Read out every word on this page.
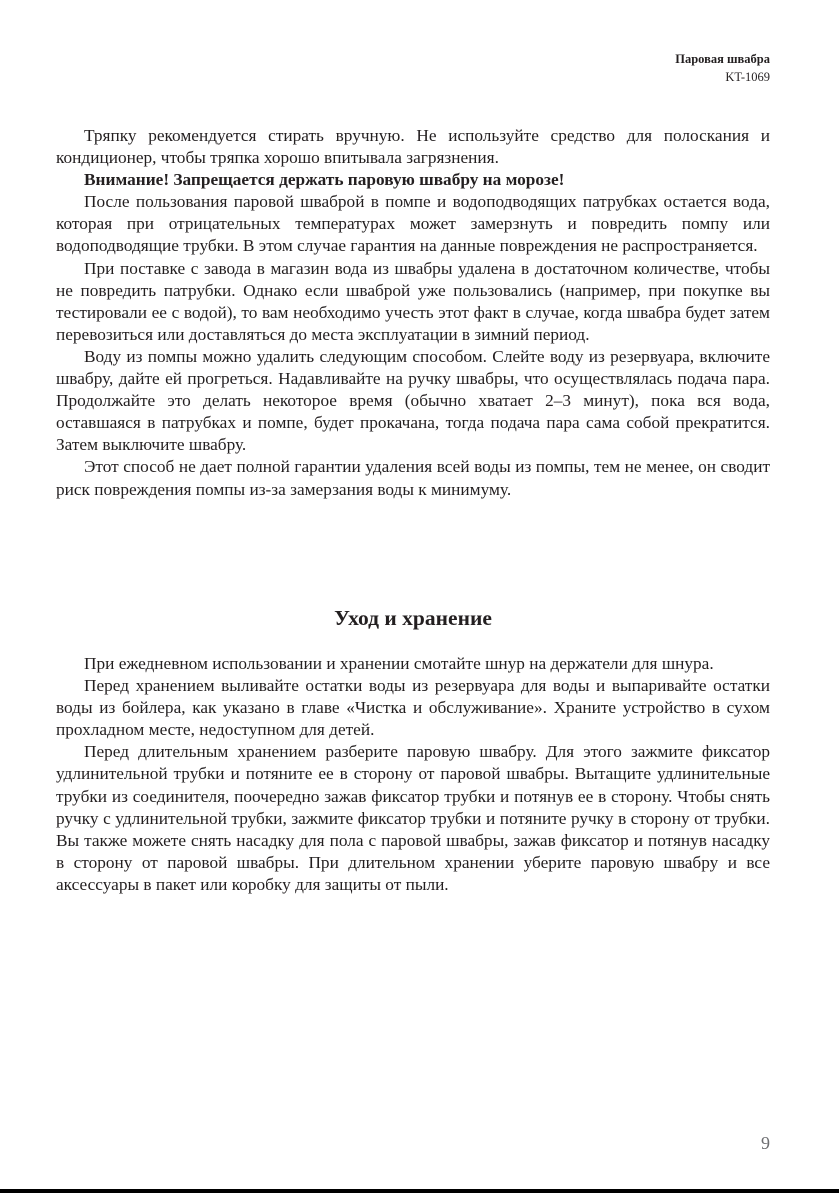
Паровая швабра
KT-1069

Тряпку рекомендуется стирать вручную. Не используйте средство для полоскания и кондиционер, чтобы тряпка хорошо впитывала загрязнения.

Внимание! Запрещается держать паровую швабру на морозе!

После пользования паровой шваброй в помпе и водоподводящих патрубках остается вода, которая при отрицательных температурах может замерзнуть и повредить помпу или водоподводящие трубки. В этом случае гарантия на данные повреждения не распространяется.

При поставке с завода в магазин вода из швабры удалена в достаточном количестве, чтобы не повредить патрубки. Однако если шваброй уже пользовались (например, при покупке вы тестировали ее с водой), то вам необходимо учесть этот факт в случае, когда швабра будет затем перевозиться или доставляться до места эксплуатации в зимний период.

Воду из помпы можно удалить следующим способом. Слейте воду из резервуара, включите швабру, дайте ей прогреться. Надавливайте на ручку швабры, что осуществлялась подача пара. Продолжайте это делать некоторое время (обычно хватает 2–3 минут), пока вся вода, оставшаяся в патрубках и помпе, будет прокачана, тогда подача пара сама собой прекратится. Затем выключите швабру.

Этот способ не дает полной гарантии удаления всей воды из помпы, тем не менее, он сводит риск повреждения помпы из-за замерзания воды к минимуму.

Уход и хранение

При ежедневном использовании и хранении смотайте шнур на держатели для шнура.

Перед хранением выливайте остатки воды из резервуара для воды и выпаривайте остатки воды из бойлера, как указано в главе «Чистка и обслуживание». Храните устройство в сухом прохладном месте, недоступном для детей.

Перед длительным хранением разберите паровую швабру. Для этого зажмите фиксатор удлинительной трубки и потяните ее в сторону от паровой швабры. Вытащите удлинительные трубки из соединителя, поочередно зажав фиксатор трубки и потянув ее в сторону. Чтобы снять ручку с удлинительной трубки, зажмите фиксатор трубки и потяните ручку в сторону от трубки. Вы также можете снять насадку для пола с паровой швабры, зажав фиксатор и потянув насадку в сторону от паровой швабры. При длительном хранении уберите паровую швабру и все аксессуары в пакет или коробку для защиты от пыли.

9
